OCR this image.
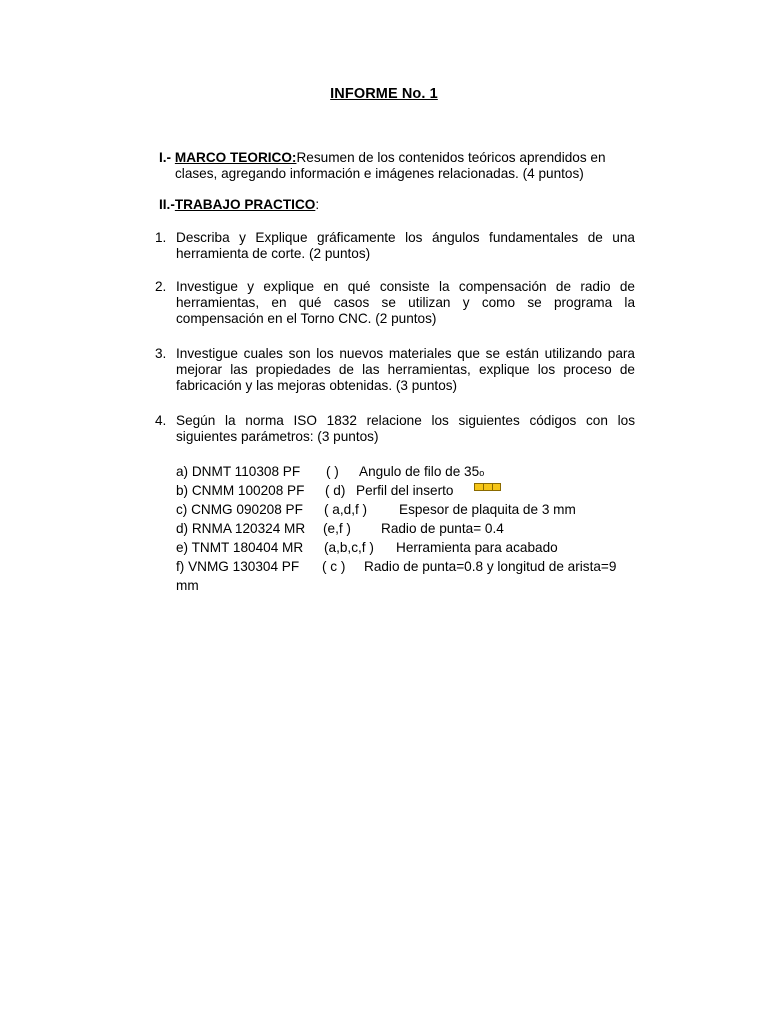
INFORME No. 1
I.- MARCO TEORICO:Resumen de los contenidos teóricos aprendidos en
clases, agregando información e imágenes relacionadas. (4 puntos)
II.-TRABAJO PRACTICO:
1. Describa y Explique gráficamente los ángulos fundamentales de una herramienta de corte. (2 puntos)
2. Investigue y explique en qué consiste la compensación de radio de herramientas, en qué casos se utilizan y como se programa la compensación en el Torno CNC. (2 puntos)
3. Investigue cuales son los nuevos materiales que se están utilizando para mejorar las propiedades de las herramientas, explique los proceso de fabricación y las mejoras obtenidas. (3 puntos)
4. Según la norma ISO 1832 relacione los siguientes códigos con los siguientes parámetros: (3 puntos)
a) DNMT 110308 PF ( ) Angulo de filo de 35o
b) CNMM 100208 PF ( d) Perfil del inserto
c) CNMG 090208 PF ( a,d,f ) Espesor de plaquita de 3 mm
d) RNMA 120324 MR (e,f ) Radio de punta= 0.4
e) TNMT 180404 MR (a,b,c,f ) Herramienta para acabado
f) VNMG 130304 PF ( c ) Radio de punta=0.8 y longitud de arista=9
mm
